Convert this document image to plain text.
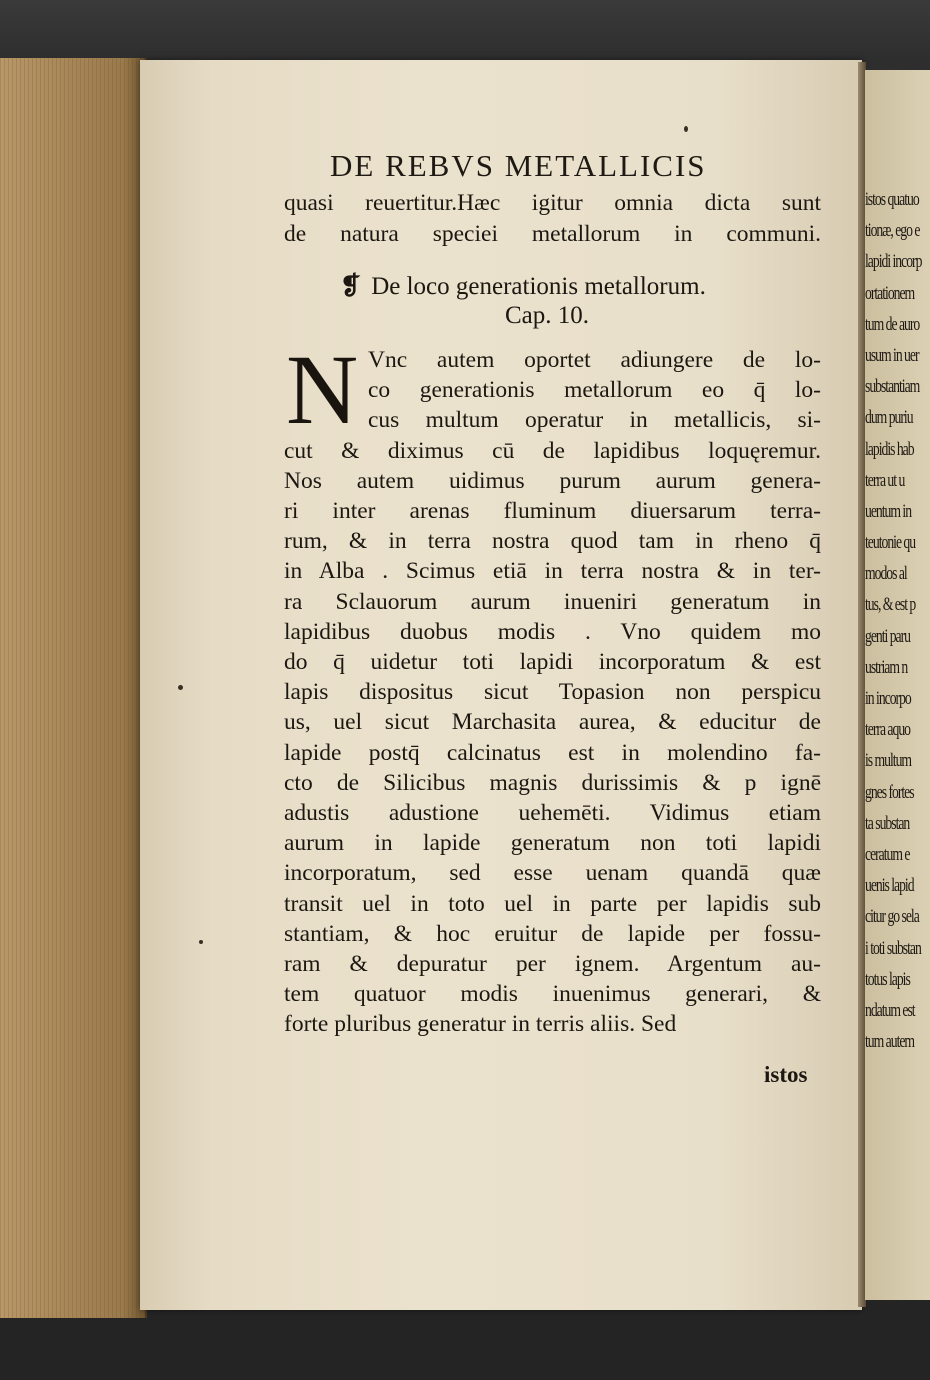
istos quatuo
tionæ, ego e
lapidi incorp
ortationem
tum de auro
usum in uer
substantiam
dum puriu
lapidis hab
terra ut u
uentum in
teutonie qu
modos al
tus, & est p
genti paru
ustriam n
in incorpo
terra aquo
is multum
gnes fortes
ta substan
ceratum e
uenis lapid
citur go sela
i toti substan
totus lapis
ndatum est
tum autem
DE REBVS METALLICIS
quasi reuertitur.Hæc igitur omnia dicta sunt
de natura speciei metallorum in communi.
❡ De loco generationis metallorum.
Cap. 10.
N Vnc autem oportet adiungere de lo-
co generationis metallorum eo q̄ lo-
cus multum operatur in metallicis, si-
cut & diximus cū de lapidibus loquęremur.
Nos autem uidimus purum aurum genera-
ri inter arenas fluminum diuersarum terra-
rum, & in terra nostra quod tam in rheno q̄
in Alba . Scimus etiā in terra nostra & in ter-
ra Sclauorum aurum inueniri generatum in
lapidibus duobus modis . Vno quidem mo
do q̄ uidetur toti lapidi incorporatum & est
lapis dispositus sicut Topasion non perspicu
us, uel sicut Marchasita aurea, & educitur de
lapide postq̄ calcinatus est in molendino fa-
cto de Silicibus magnis durissimis & p ignē
adustis adustione uehemēti. Vidimus etiam
aurum in lapide generatum non toti lapidi
incorporatum, sed esse uenam quandā quæ
transit uel in toto uel in parte per lapidis sub
stantiam, & hoc eruitur de lapide per fossu-
ram & depuratur per ignem. Argentum au-
tem quatuor modis inuenimus generari, &
forte pluribus generatur in terris aliis. Sed
istos
